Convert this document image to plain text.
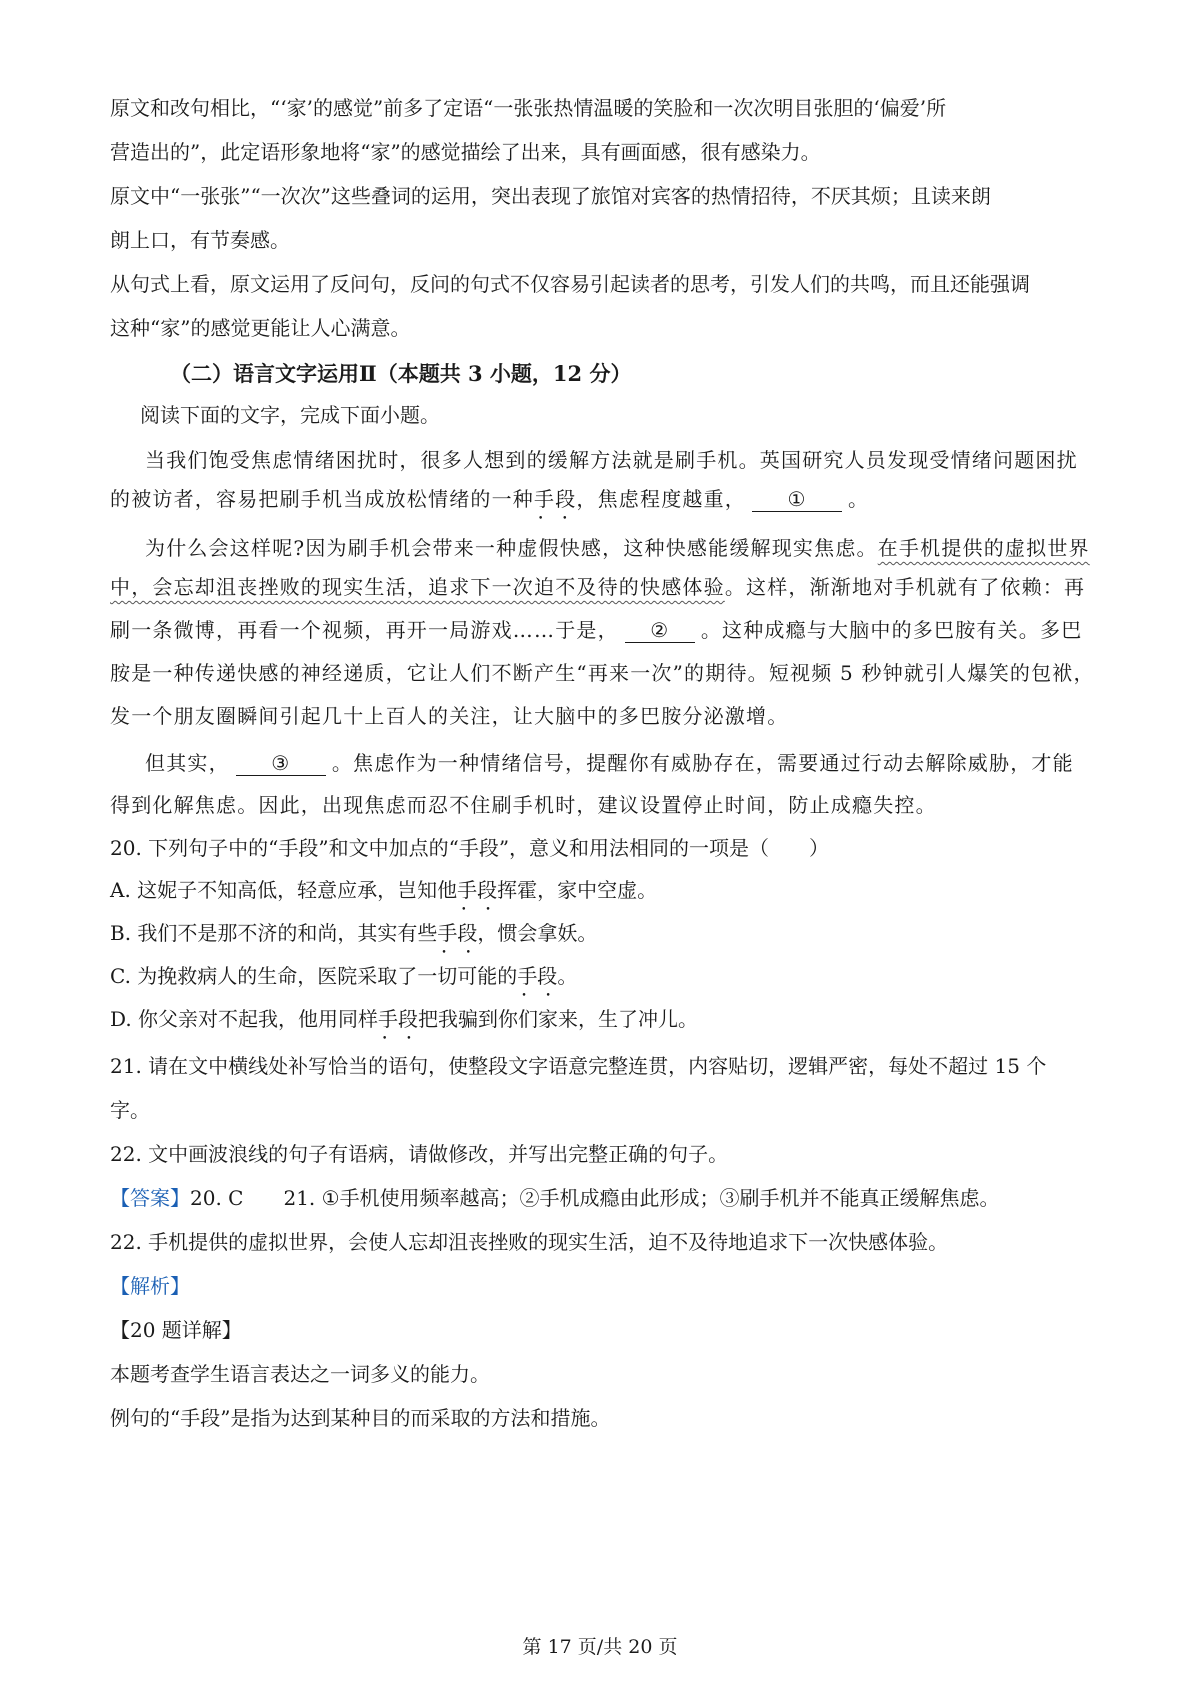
原文和改句相比，“‘家’的感觉”前多了定语“一张张热情温暖的笑脸和一次次明目张胆的‘偏爱’所
营造出的”，此定语形象地将“家”的感觉描绘了出来，具有画面感，很有感染力。
原文中“一张张”“一次次”这些叠词的运用，突出表现了旅馆对宾客的热情招待，不厌其烦；且读来朗
朗上口，有节奏感。
从句式上看，原文运用了反问句，反问的句式不仅容易引起读者的思考，引发人们的共鸣，而且还能强调
这种“家”的感觉更能让人心满意。
（二）语言文字运用Ⅱ（本题共 3 小题，12 分）
阅读下面的文字，完成下面小题。
当我们饱受焦虑情绪困扰时，很多人想到的缓解方法就是刷手机。英国研究人员发现受情绪问题困扰
的被访者，容易把刷手机当成放松情绪的一种手段 • •，焦虑程度越重， ① 。
为什么会这样呢?因为刷手机会带来一种虚假快感，这种快感能缓解现实焦虑。在手机提供的虚拟世界
中，会忘却沮丧挫败的现实生活，追求下一次迫不及待的快感体验。这样，渐渐地对手机就有了依赖：再
刷一条微博，再看一个视频，再开一局游戏……于是， ② 。这种成瘾与大脑中的多巴胺有关。多巴
胺是一种传递快感的神经递质，它让人们不断产生“再来一次”的期待。短视频 5 秒钟就引人爆笑的包袱，
发一个朋友圈瞬间引起几十上百人的关注，让大脑中的多巴胺分泌激增。
但其实， ③ 。焦虑作为一种情绪信号，提醒你有威胁存在，需要通过行动去解除威胁，才能
得到化解焦虑。因此，出现焦虑而忍不住刷手机时，建议设置停止时间，防止成瘾失控。
20. 下列句子中的“手段”和文中加点的“手段”，意义和用法相同的一项是（　　）
A. 这妮子不知高低，轻意应承，岂知他手段 • •挥霍，家中空虚。
B. 我们不是那不济的和尚，其实有些手段 • •，惯会拿妖。
C. 为挽救病人的生命，医院采取了一切可能的手段 • •。
D. 你父亲对不起我，他用同样手段 • •把我骗到你们家来，生了冲儿。
21. 请在文中横线处补写恰当的语句，使整段文字语意完整连贯，内容贴切，逻辑严密，每处不超过 15 个
字。
22. 文中画波浪线的句子有语病，请做修改，并写出完整正确的句子。
【答案】20. C 21. ①手机使用频率越高；②手机成瘾由此形成；③刷手机并不能真正缓解焦虑。
22. 手机提供的虚拟世界，会使人忘却沮丧挫败的现实生活，迫不及待地追求下一次快感体验。
【解析】
【20 题详解】
本题考查学生语言表达之一词多义的能力。
例句的“手段”是指为达到某种目的而采取的方法和措施。
第 17 页/共 20 页
